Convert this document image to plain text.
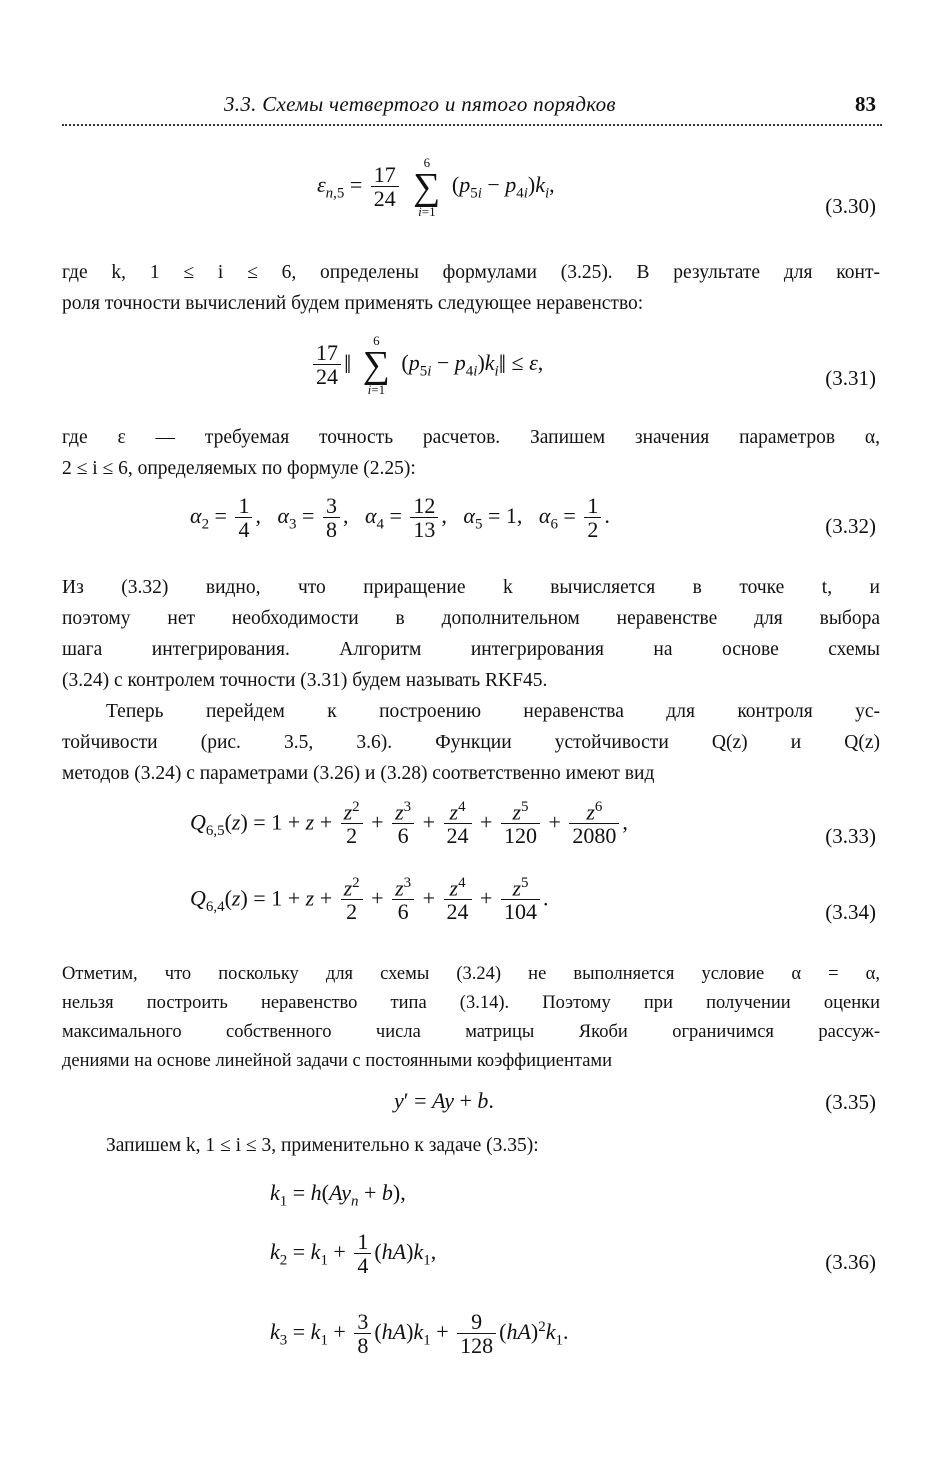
3.3. Схемы четвертого и пятого порядков	83
$\varepsilon_{n,5} = \frac{17}{24}$

6
∑
i=1
$(p_{5i} - p_{4i})k_i$,
(3.30)
где k, 1 ≤ i ≤ 6, определены формулами (3.25). В результате для конт-
роля точности вычислений будем применять следующее неравенство:
$\frac{17}{24}$ ‖
6
∑
i=1
($p_{5i}$ − $p_{4i})k_i‖ \le \varepsilon$,
(3.31)
где ε — требуемая точность расчетов. Запишем значения параметров α,
2 ≤ i ≤ 6, определяемых по формуле (2.25):
$\alpha_2 = \frac{1}{4}$ ,   $\alpha_3 = \frac{3}{8}$ ,   $\alpha_4 = \frac{12}{13}$ ,   $\alpha_5 = 1$,   $\alpha_6 = \frac{1}{2}$ .	(3.32)
Из (3.32) видно, что приращение k вычисляется в точке t, и
поэтому нет необходимости в дополнительном неравенстве для выбора
шага интегрирования. Алгоритм интегрирования на основе схемы
(3.24) с контролем точности (3.31) будем называть RKF45.
Теперь перейдем к построению неравенства для контроля ус-
тойчивости (рис. 3.5, 3.6). Функции устойчивости Q(z) и Q(z)
методов (3.24) с параметрами (3.26) и (3.28) соответственно имеют вид
$Q_{6,5}(z) = 1 + z + \frac{z^2}{2} + \frac{z^3}{6} + \frac{z^4}{24} + \frac{z^5}{120} + \frac{z^6}{2080}$ ,
(3.33)
$Q_{6,4}(z) = 1 + z + \frac{z^2}{2} + \frac{z^3}{6} + \frac{z^4}{24} + \frac{z^5}{104}$ .
(3.34)
Отметим, что поскольку для схемы (3.24) не выполняется условие α = α,
нельзя построить неравенство типа (3.14). Поэтому при получении оценки
максимального собственного числа матрицы Якоби ограничимся рассуж-
дениями на основе линейной задачи с постоянными коэффициентами
y′ = Ay + b.	(3.35)
Запишем k, 1 ≤ i ≤ 3, применительно к задаче (3.35):
$k_1 = h(Ay_n + b)$,
$k_2 = k_1 + \frac{1}{4} (hA)k_1$,
$k_3 = k_1 + \frac{3}{8} (hA)k_1 + \frac{9}{128} (hA)^2k_1$.
(3.36)
